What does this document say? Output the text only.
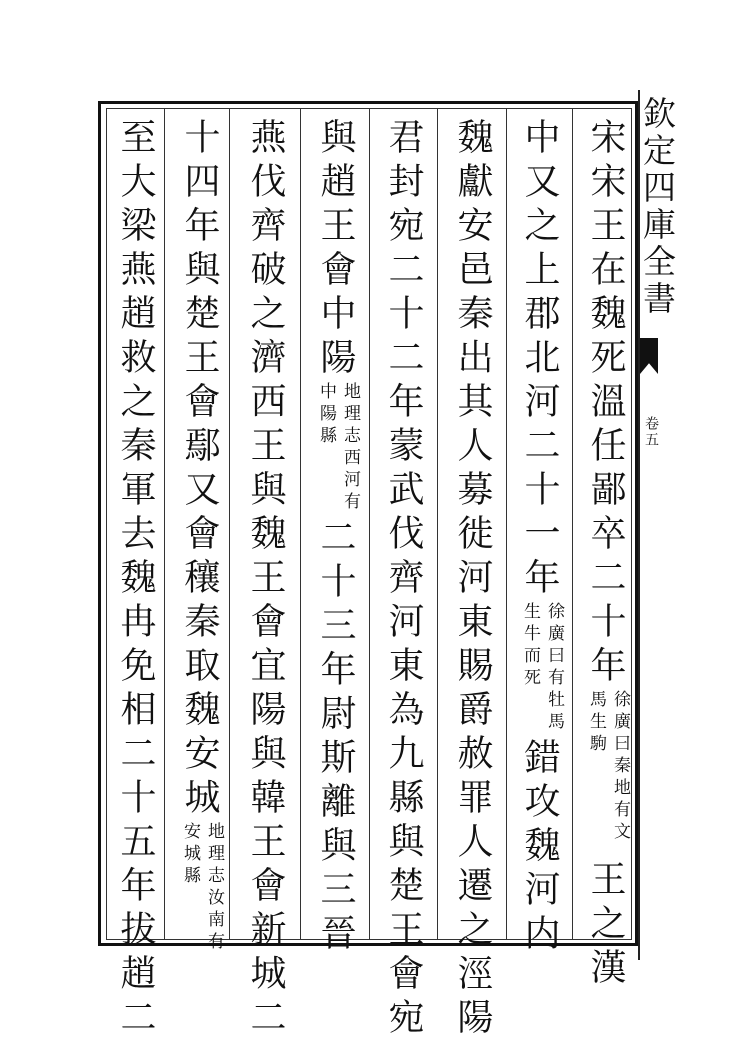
欽定四庫全書
卷五
宋宋王在魏死溫任鄙卒二十年徐廣曰秦地有文馬生駒王之漢
中又之上郡北河二十一年徐廣曰有牡馬生牛而死錯攻魏河内
魏獻安邑秦出其人募徙河東賜爵赦罪人遷之涇陽
君封宛二十二年蒙武伐齊河東為九縣與楚王會宛
與趙王會中陽地理志西河有中陽縣二十三年尉斯離與三晉
燕伐齊破之濟西王與魏王會宜陽與韓王會新城二
十四年與楚王會鄢又會穰秦取魏安城地理志汝南有安城縣
至大梁燕趙救之秦軍去魏冉免相二十五年拔趙二
